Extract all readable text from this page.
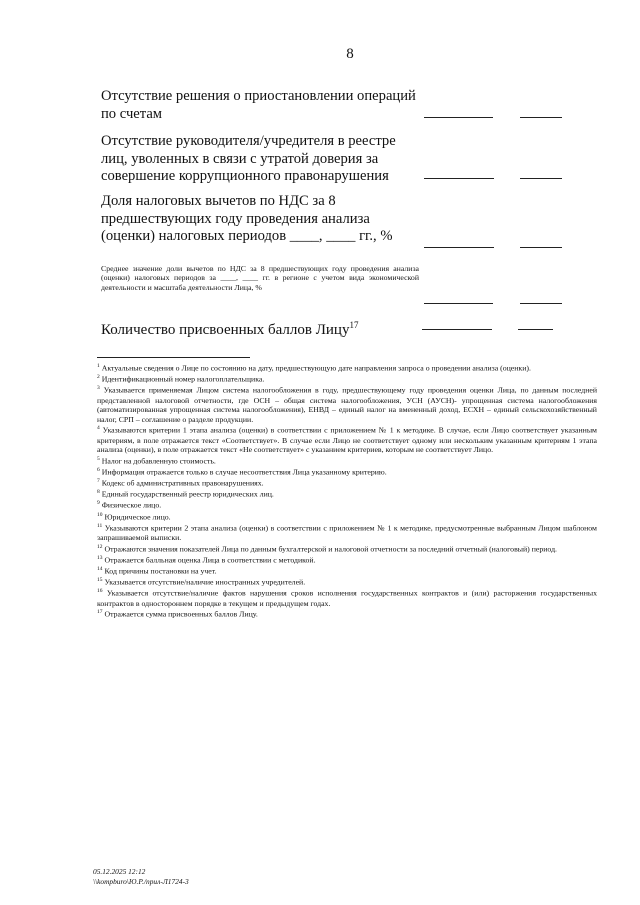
8
Отсутствие решения о приостановлении операций по счетам
Отсутствие руководителя/учредителя в реестре лиц, уволенных в связи с утратой доверия за совершение коррупционного правонарушения
Доля налоговых вычетов по НДС за 8 предшествующих году проведения анализа (оценки) налоговых периодов ____, ____ гг., %
Среднее значение доли вычетов по НДС за 8 предшествующих году проведения анализа (оценки) налоговых периодов за ____, ____ гг. в регионе с учетом вида экономической деятельности и масштаба деятельности Лица, %
Количество присвоенных баллов Лицу$^{17}$

$^1$ Актуальные сведения о Лице по состоянию на дату, предшествующую дате направления запроса о проведении анализа (оценки).

$^2$ Идентификационный номер налогоплательщика.

$^3$ Указывается применяемая Лицом система налогообложения в году, предшествующему году проведения оценки Лица, по данным последней представленной налоговой отчетности, где ОСН – общая система налогообложения, УСН (АУСН)- упрощенная система налогообложения (автоматизированная упрощенная система налогообложения), ЕНВД – единый налог на вмененный доход, ЕСХН – единый сельскохозяйственный налог, СРП – соглашение о разделе продукции.

$^4$ Указываются критерии 1 этапа анализа (оценки) в соответствии с приложением № 1 к методике. В случае, если Лицо соответствует указанным критериям, в поле отражается текст «Соответствует». В случае если Лицо не соответствует одному или нескольким указанным критериям 1 этапа анализа (оценки), в поле отражается текст «Не соответствует» с указанием критериев, которым не соответствует Лицо.

$^5$ Налог на добавленную стоимость.

$^6$ Информация отражается только в случае несоответствия Лица указанному критерию.

$^7$ Кодекс об административных правонарушениях.

$^8$ Единый государственный реестр юридических лиц.

$^9$ Физическое лицо.

$^{10}$ Юридическое лицо.

$^{11}$ Указываются критерии 2 этапа анализа (оценки) в соответствии с приложением № 1 к методике, предусмотренные выбранным Лицом шаблоном запрашиваемой выписки.

$^{12}$ Отражаются значения показателей Лица по данным бухгалтерской и налоговой отчетности за последний отчетный (налоговый) период.

$^{13}$ Отражается балльная оценка Лица в соответствии с методикой.

$^{14}$ Код причины постановки на учет.

$^{15}$ Указывается отсутствие/наличие иностранных учредителей.

$^{16}$ Указывается отсутствие/наличие фактов нарушения сроков исполнения государственных контрактов и (или) расторжения государственных контрактов в одностороннем порядке в текущем и предыдущем годах.

$^{17}$ Отражается сумма присвоенных баллов Лицу.

05.12.2025 12:12
\\kompburo\Ю.Р./прил-Л1724-3
